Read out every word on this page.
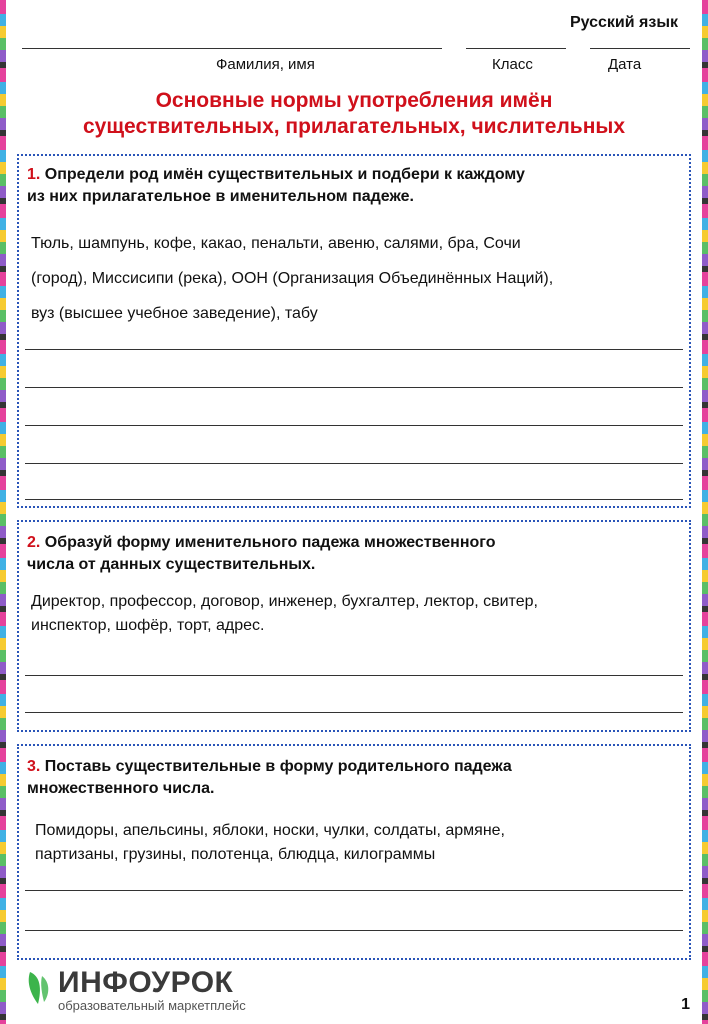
Русский язык
Фамилия, имя	Класс	Дата
Основные нормы употребления имён
существительных, прилагательных, числительных
1. Определи род имён существительных и подбери к каждому
из них прилагательное в именительном падеже.
Тюль, шампунь, кофе, какао, пенальти, авеню, салями, бра, Сочи
(город), Миссисипи (река), ООН (Организация Объединённых Наций),
вуз (высшее учебное заведение), табу
2. Образуй форму именительного падежа множественного
числа от данных существительных.
Директор, профессор, договор, инженер, бухгалтер, лектор, свитер,
инспектор, шофёр, торт, адрес.
3. Поставь существительные в форму родительного падежа
множественного числа.
Помидоры, апельсины, яблоки, носки, чулки, солдаты, армяне,
партизаны, грузины, полотенца, блюдца, килограммы
ИНФОУРОК
образовательный маркетплейс	1
